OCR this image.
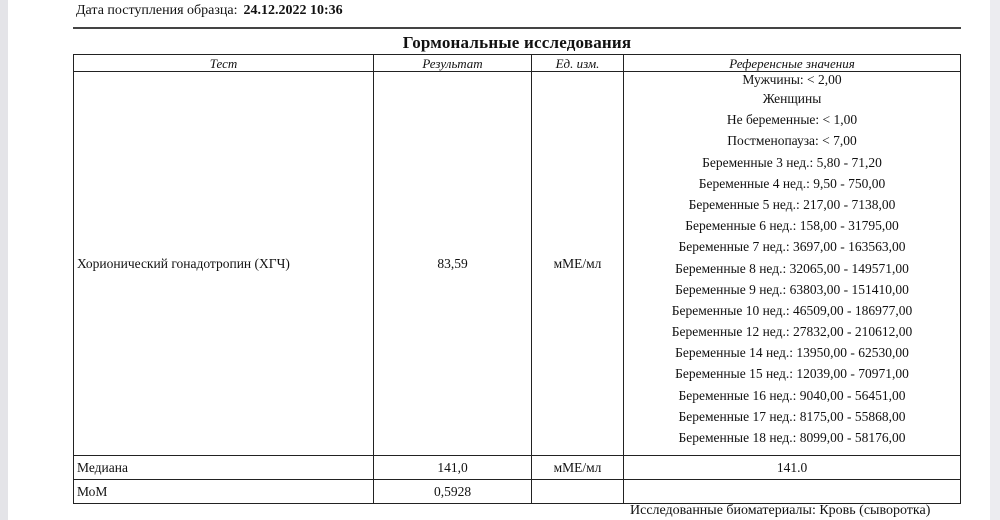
Дата поступления образца: 24.12.2022 10:36
Гормональные исследования
Тест	Результат	Ед. изм.	Референсные значения
Хорионический гонадотропин (ХГЧ)	83,59	мМЕ/мл	
Мужчины: < 2,00
Женщины
Не беременные: < 1,00
Постменопауза: < 7,00
Беременные 3 нед.: 5,80 - 71,20
Беременные 4 нед.: 9,50 - 750,00
Беременные 5 нед.: 217,00 - 7138,00
Беременные 6 нед.: 158,00 - 31795,00
Беременные 7 нед.: 3697,00 - 163563,00
Беременные 8 нед.: 32065,00 - 149571,00
Беременные 9 нед.: 63803,00 - 151410,00
Беременные 10 нед.: 46509,00 - 186977,00
Беременные 12 нед.: 27832,00 - 210612,00
Беременные 14 нед.: 13950,00 - 62530,00
Беременные 15 нед.: 12039,00 - 70971,00
Беременные 16 нед.: 9040,00 - 56451,00
Беременные 17 нед.: 8175,00 - 55868,00
Беременные 18 нед.: 8099,00 - 58176,00

Медиана	141,0	мМЕ/мл	141.0
МоМ	0,5928		
Исследованные биоматериалы: Кровь (сыворотка)
